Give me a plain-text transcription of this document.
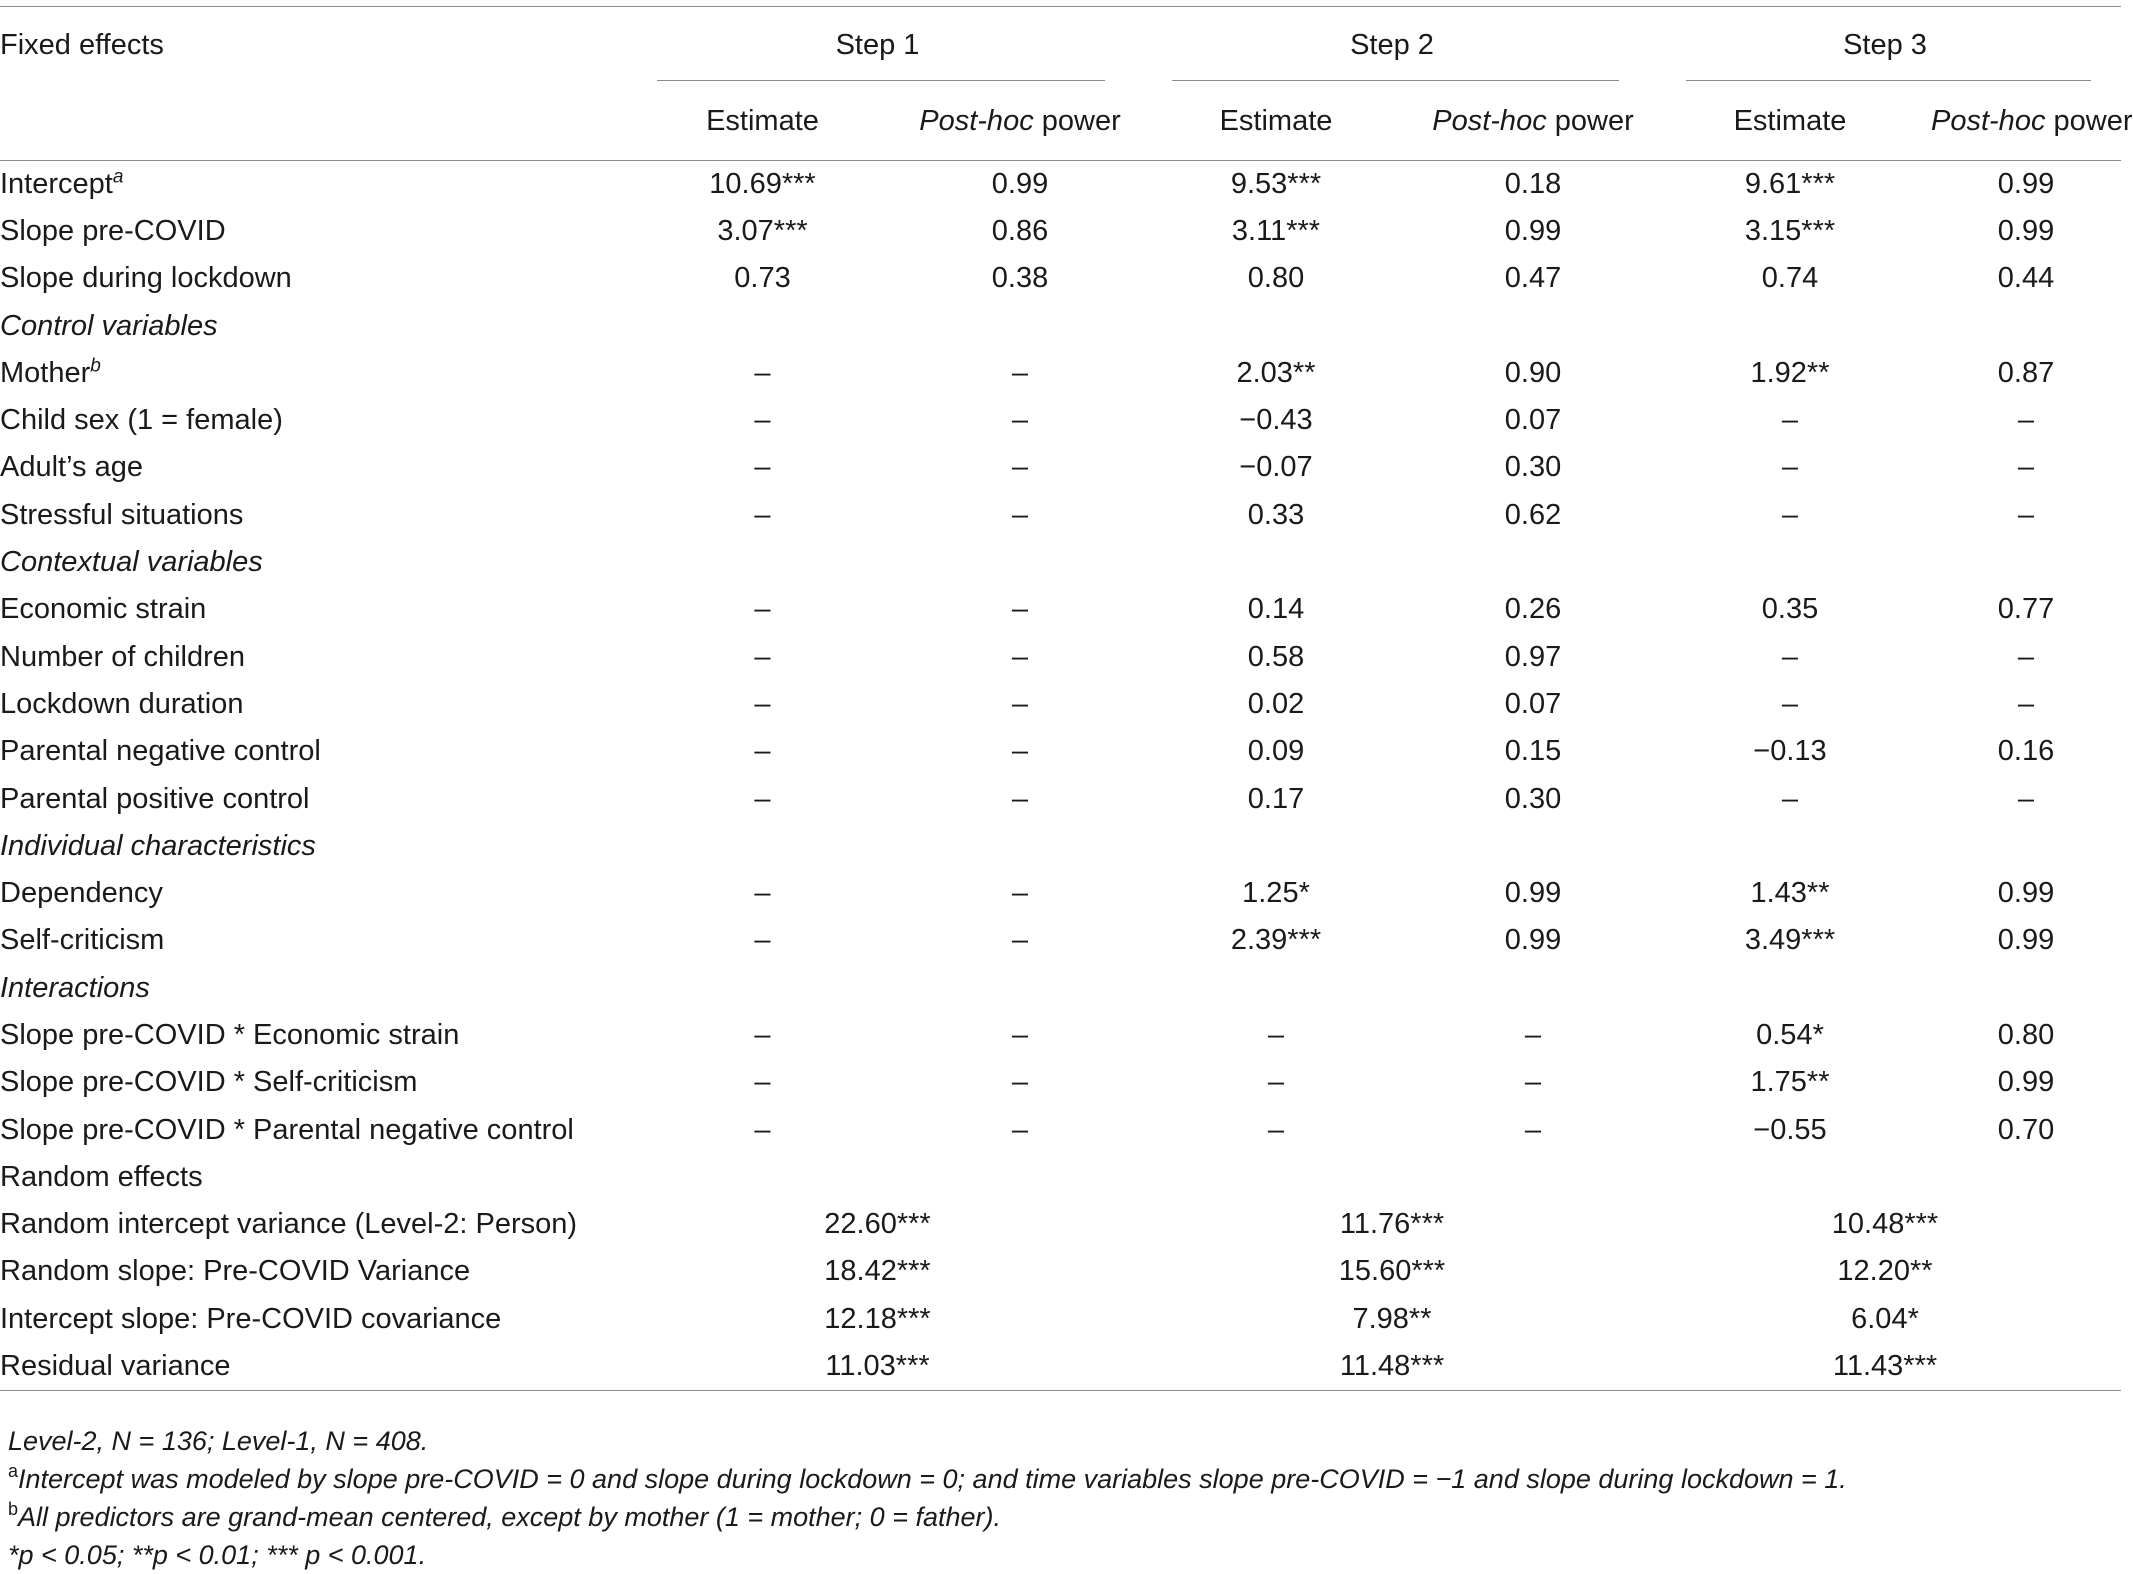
Fixed effects	Step 1		Step 2		Step 3		

	Estimate	Post-hoc power	Estimate	Post-hoc power	Estimate	Post-hoc power	
Intercept$^a$	10.69***	0.99	9.53***	0.18	9.61***	0.99	
Slope pre-COVID	3.07***	0.86	3.11***	0.99	3.15***	0.99	
Slope during lockdown	0.73	0.38	0.80	0.47	0.74	0.44	
Control variables							
Mother$^b$	–	–	2.03**	0.90	1.92**	0.87	
Child sex (1 = female)	–	–	−0.43	0.07	–	–	
Adult’s age	–	–	−0.07	0.30	–	–	
Stressful situations	–	–	0.33	0.62	–	–	
Contextual variables							
Economic strain	–	–	0.14	0.26	0.35	0.77	
Number of children	–	–	0.58	0.97	–	–	
Lockdown duration	–	–	0.02	0.07	–	–	
Parental negative control	–	–	0.09	0.15	−0.13	0.16	
Parental positive control	–	–	0.17	0.30	–	–	
Individual characteristics							
Dependency	–	–	1.25*	0.99	1.43**	0.99	
Self-criticism	–	–	2.39***	0.99	3.49***	0.99	
Interactions							
Slope pre-COVID * Economic strain	–	–	–	–	0.54*	0.80	
Slope pre-COVID * Self-criticism	–	–	–	–	1.75**	0.99	
Slope pre-COVID * Parental negative control	–	–	–	–	−0.55	0.70	
Random effects							
Random intercept variance (Level-2: Person)	22.60***		11.76***		10.48***		
Random slope: Pre-COVID Variance	18.42***		15.60***		12.20**		
Intercept slope: Pre-COVID covariance	12.18***		7.98**		6.04*		
Residual variance	11.03***		11.48***		11.43***		
Level-2, N = 136; Level-1, N = 408.
$^a$Intercept was modeled by slope pre-COVID = 0 and slope during lockdown = 0; and time variables slope pre-COVID = −1 and slope during lockdown = 1.
$^b$All predictors are grand-mean centered, except by mother (1 = mother; 0 = father).
*p < 0.05; **p < 0.01; *** p < 0.001.
